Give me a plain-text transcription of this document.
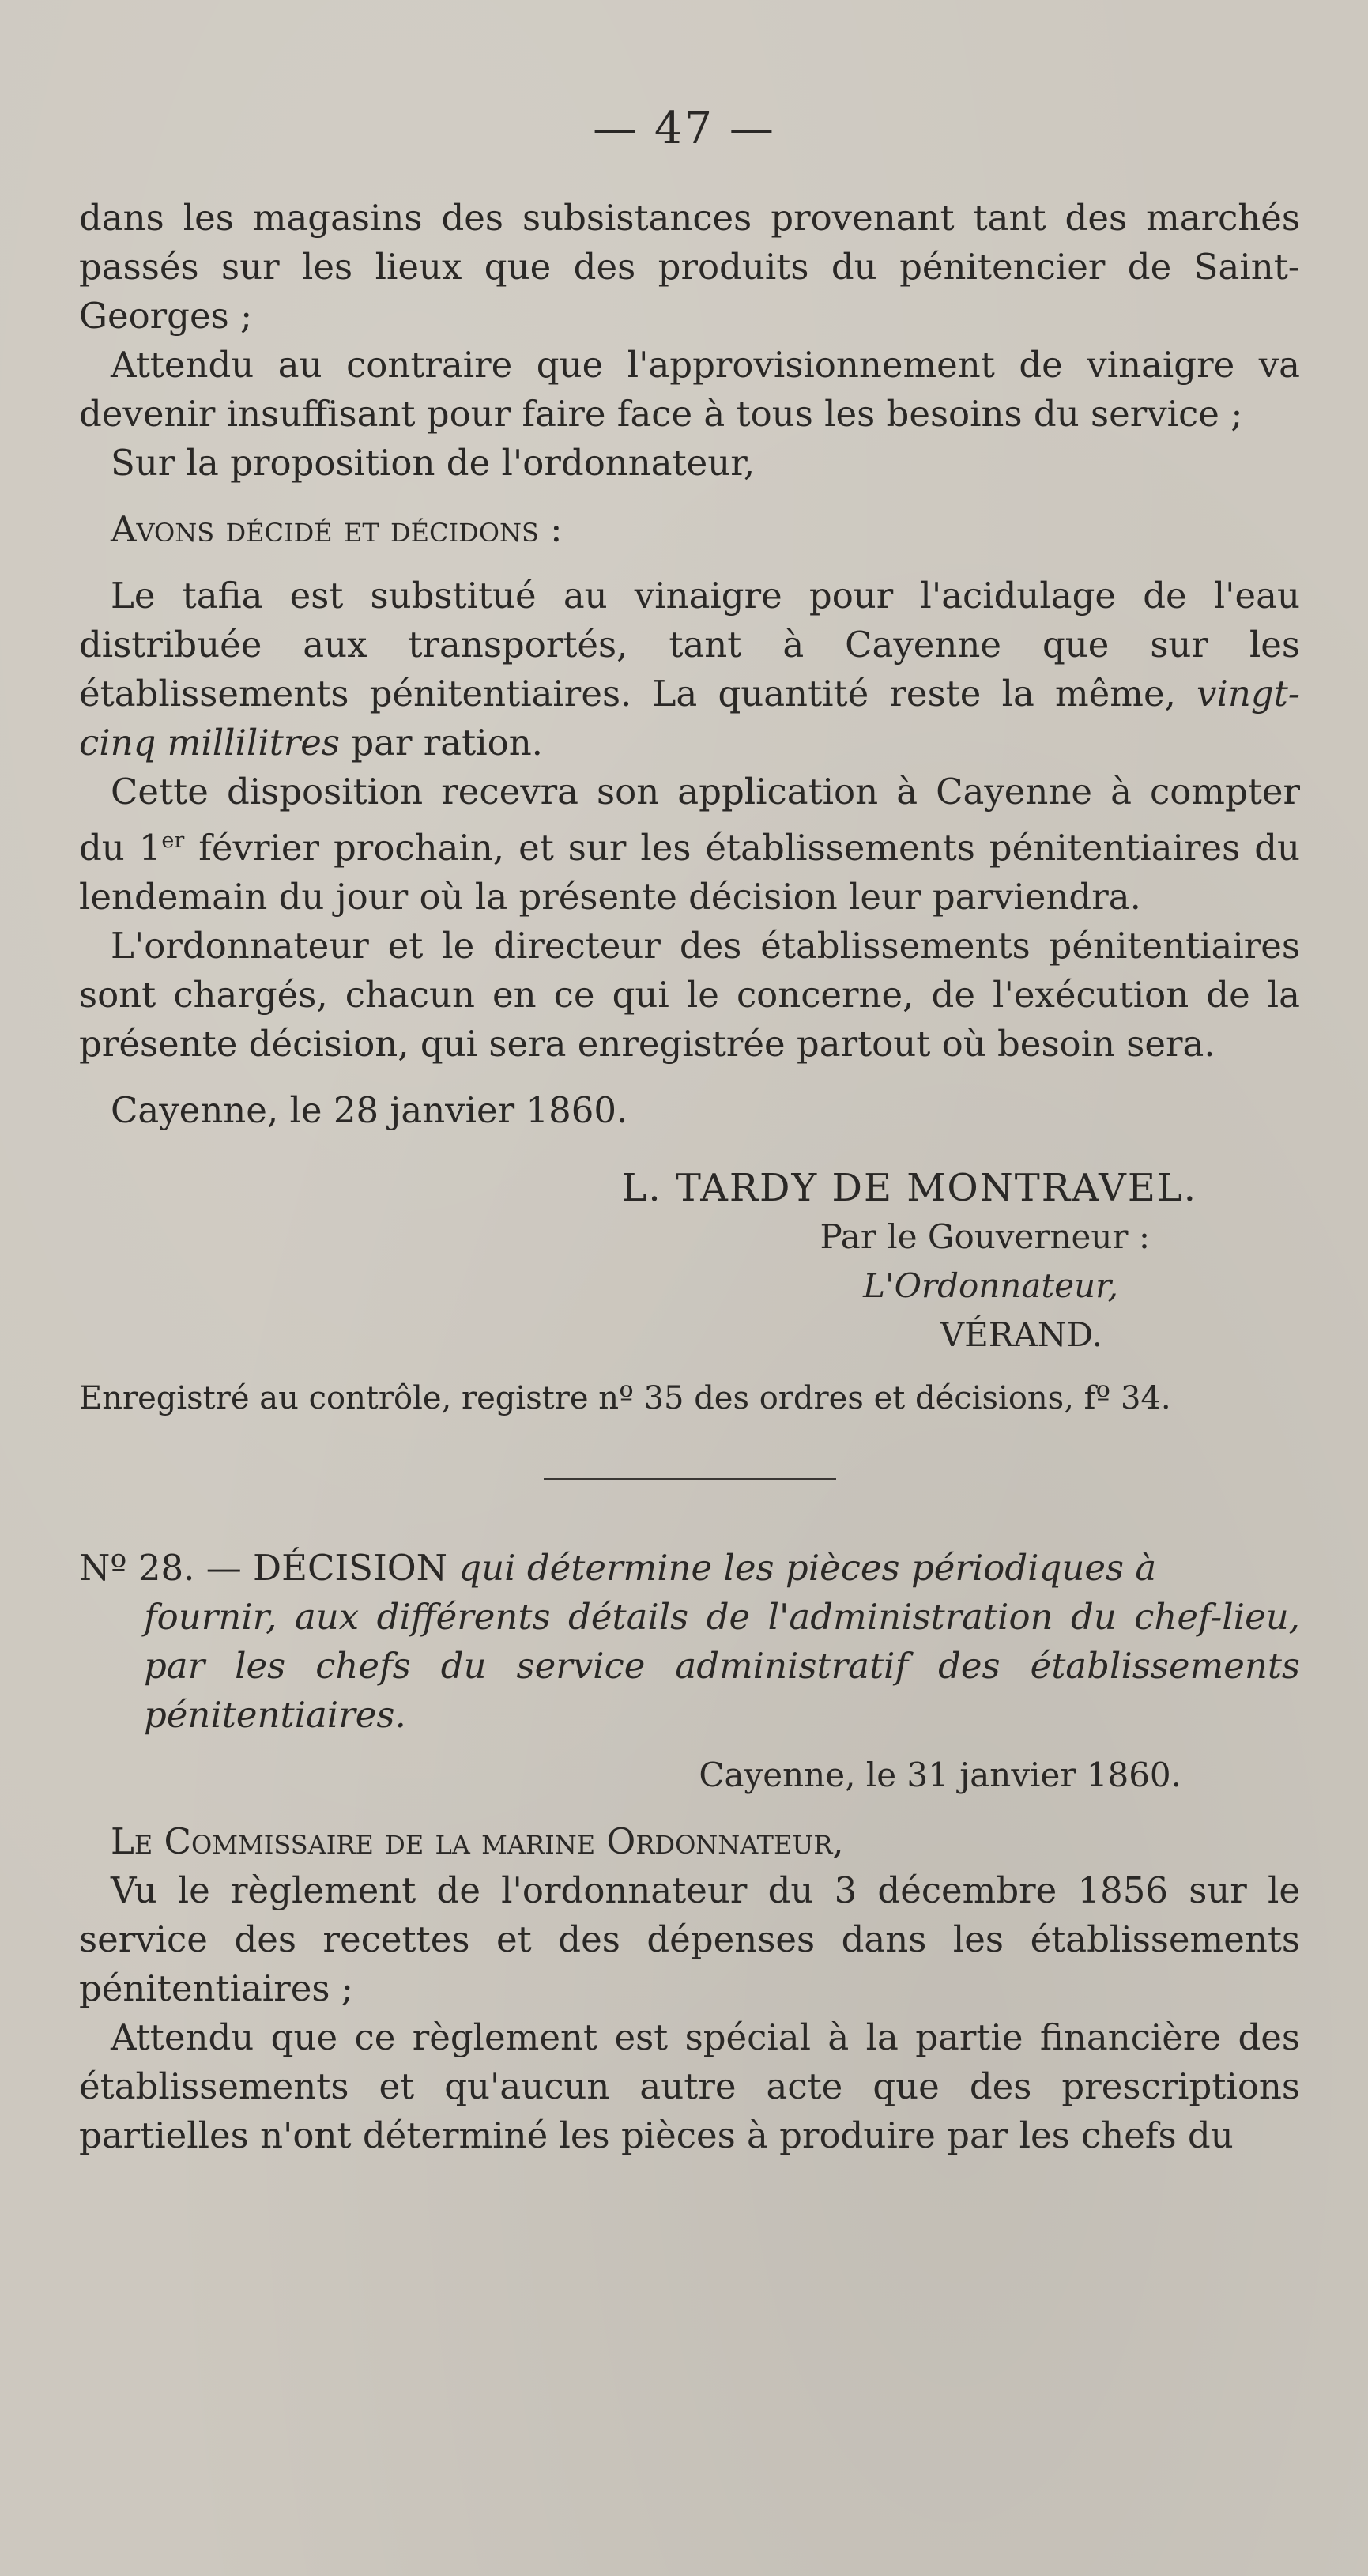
— 47 —

dans les magasins des subsistances provenant tant des marchés passés sur les lieux que des produits du pénitencier de Saint-Georges ;

Attendu au contraire que l'approvisionnement de vinaigre va devenir insuffisant pour faire face à tous les besoins du service ;

Sur la proposition de l'ordonnateur,

Avons décidé et décidons :

Le tafia est substitué au vinaigre pour l'acidulage de l'eau distribuée aux transportés, tant à Cayenne que sur les établissements pénitentiaires. La quantité reste la même, vingt-cinq millilitres par ration.

Cette disposition recevra son application à Cayenne à compter du 1er février prochain, et sur les établissements pénitentiaires du lendemain du jour où la présente décision leur parviendra.

L'ordonnateur et le directeur des établissements pénitentiaires sont chargés, chacun en ce qui le concerne, de l'exécution de la présente décision, qui sera enregistrée partout où besoin sera.

Cayenne, le 28 janvier 1860.

L. TARDY DE MONTRAVEL.

Par le Gouverneur :

L'Ordonnateur,

VÉRAND.

Enregistré au contrôle, registre nº 35 des ordres et décisions, fº 34.

Nº 28. — DÉCISION qui détermine les pièces périodiques à

fournir, aux différents détails de l'administration du chef-lieu, par les chefs du service administratif des établissements pénitentiaires.

Cayenne, le 31 janvier 1860.

Le Commissaire de la marine Ordonnateur,

Vu le règlement de l'ordonnateur du 3 décembre 1856 sur le service des recettes et des dépenses dans les établissements pénitentiaires ;

Attendu que ce règlement est spécial à la partie financière des établissements et qu'aucun autre acte que des prescriptions partielles n'ont déterminé les pièces à produire par les chefs du
